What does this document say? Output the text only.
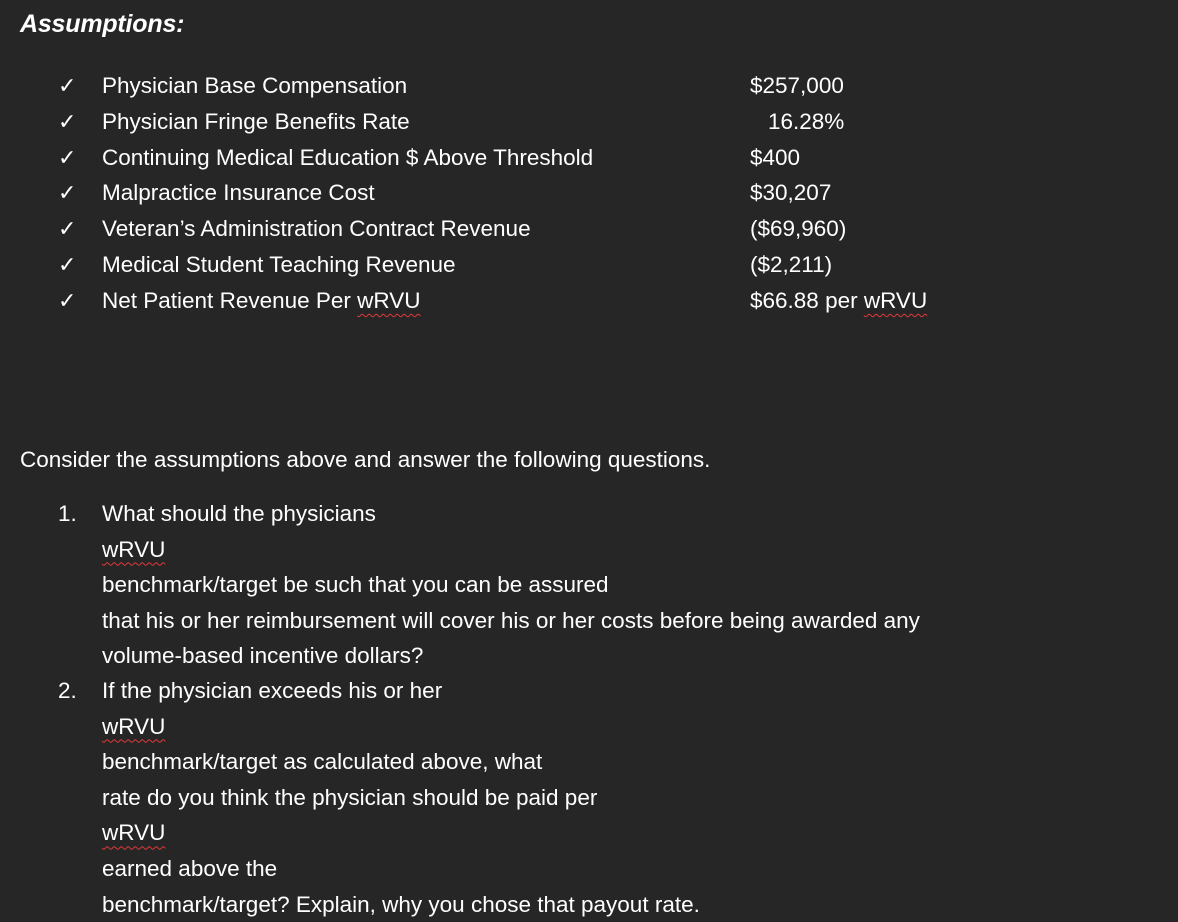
Assumptions:
✓ Physician Base Compensation	$257,000
✓ Physician Fringe Benefits Rate	16.28%
✓ Continuing Medical Education $ Above Threshold	$400
✓ Malpractice Insurance Cost	$30,207
✓ Veteran’s Administration Contract Revenue	($69,960)
✓ Medical Student Teaching Revenue	($2,211)
✓ Net Patient Revenue Per wRVU	$66.88 per wRVU
Consider the assumptions above and answer the following questions.
1. What should the physicians
wRVU
benchmark/target be such that you can be assured
that his or her reimbursement will cover his or her costs before being awarded any
volume-based incentive dollars?
2. If the physician exceeds his or her
wRVU
benchmark/target as calculated above, what
rate do you think the physician should be paid per
wRVU
earned above the
benchmark/target? Explain, why you chose that payout rate.
